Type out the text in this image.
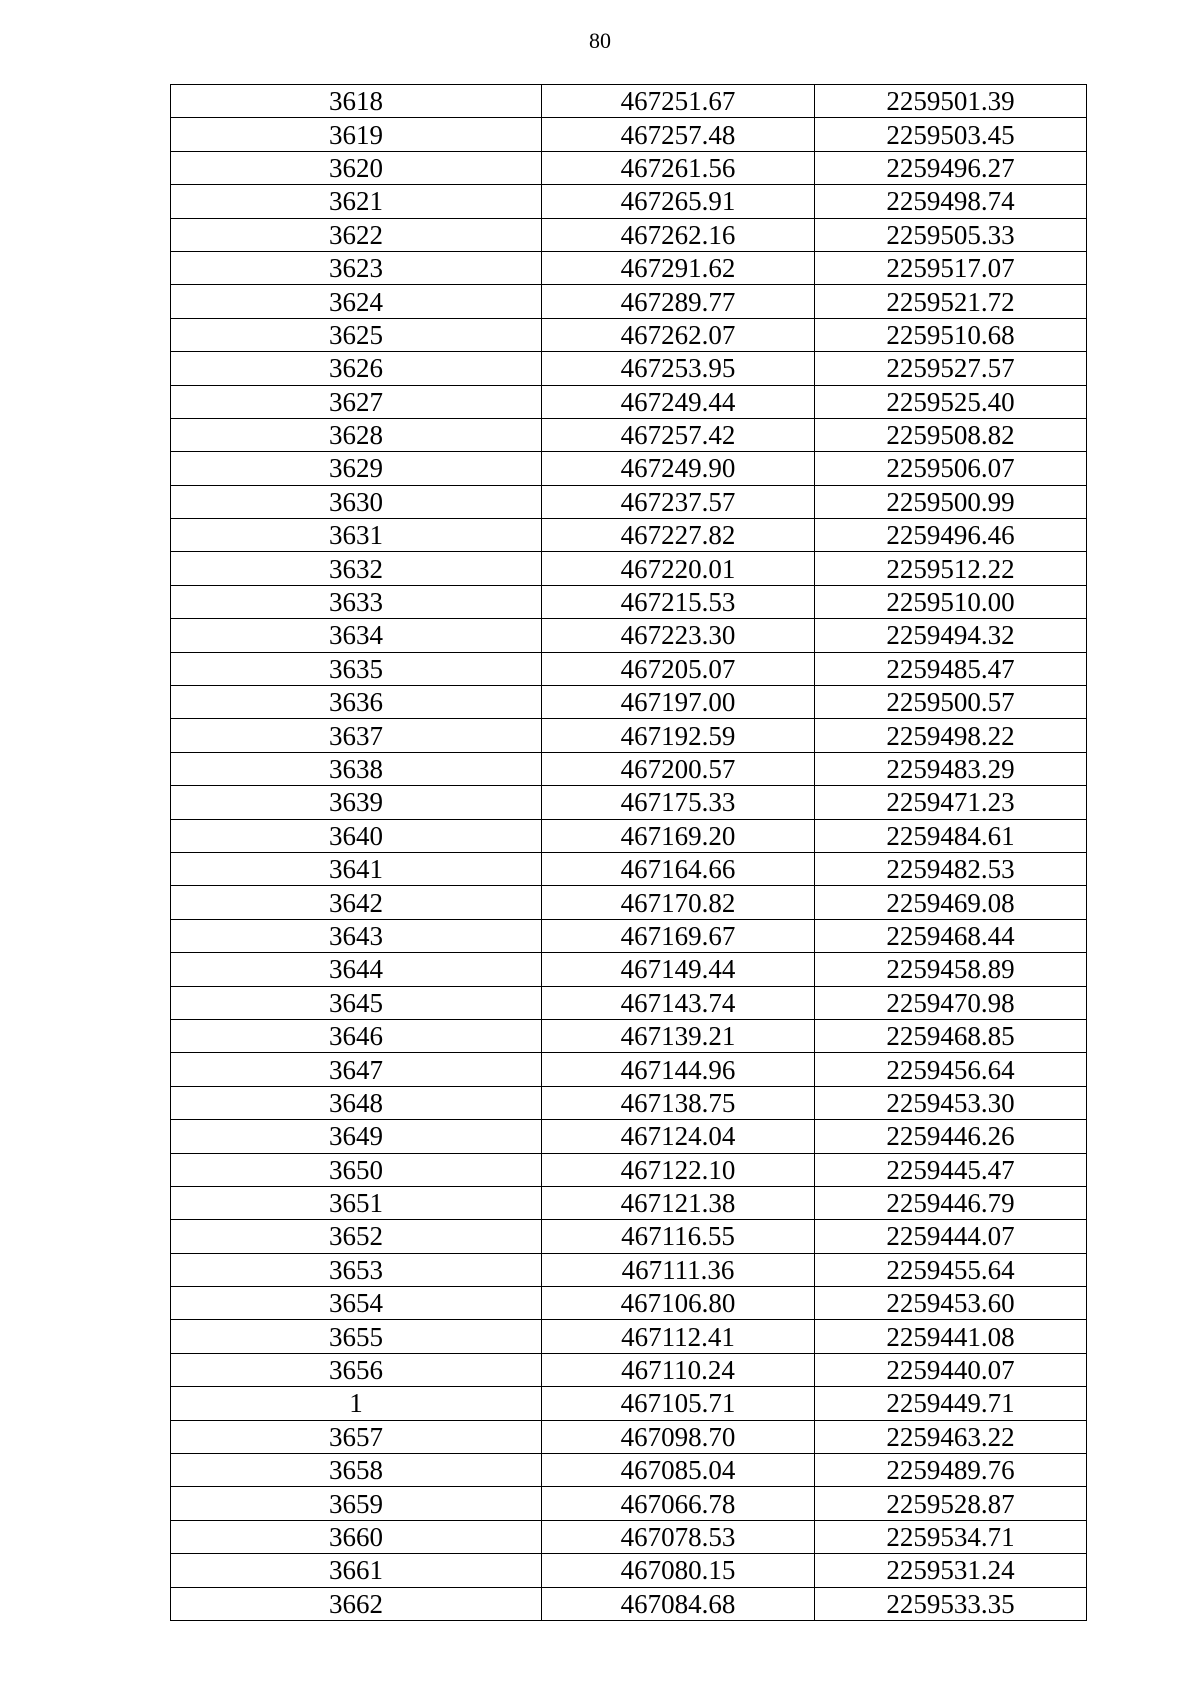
80
3618	467251.67	2259501.39
3619	467257.48	2259503.45
3620	467261.56	2259496.27
3621	467265.91	2259498.74
3622	467262.16	2259505.33
3623	467291.62	2259517.07
3624	467289.77	2259521.72
3625	467262.07	2259510.68
3626	467253.95	2259527.57
3627	467249.44	2259525.40
3628	467257.42	2259508.82
3629	467249.90	2259506.07
3630	467237.57	2259500.99
3631	467227.82	2259496.46
3632	467220.01	2259512.22
3633	467215.53	2259510.00
3634	467223.30	2259494.32
3635	467205.07	2259485.47
3636	467197.00	2259500.57
3637	467192.59	2259498.22
3638	467200.57	2259483.29
3639	467175.33	2259471.23
3640	467169.20	2259484.61
3641	467164.66	2259482.53
3642	467170.82	2259469.08
3643	467169.67	2259468.44
3644	467149.44	2259458.89
3645	467143.74	2259470.98
3646	467139.21	2259468.85
3647	467144.96	2259456.64
3648	467138.75	2259453.30
3649	467124.04	2259446.26
3650	467122.10	2259445.47
3651	467121.38	2259446.79
3652	467116.55	2259444.07
3653	467111.36	2259455.64
3654	467106.80	2259453.60
3655	467112.41	2259441.08
3656	467110.24	2259440.07
1	467105.71	2259449.71
3657	467098.70	2259463.22
3658	467085.04	2259489.76
3659	467066.78	2259528.87
3660	467078.53	2259534.71
3661	467080.15	2259531.24
3662	467084.68	2259533.35
